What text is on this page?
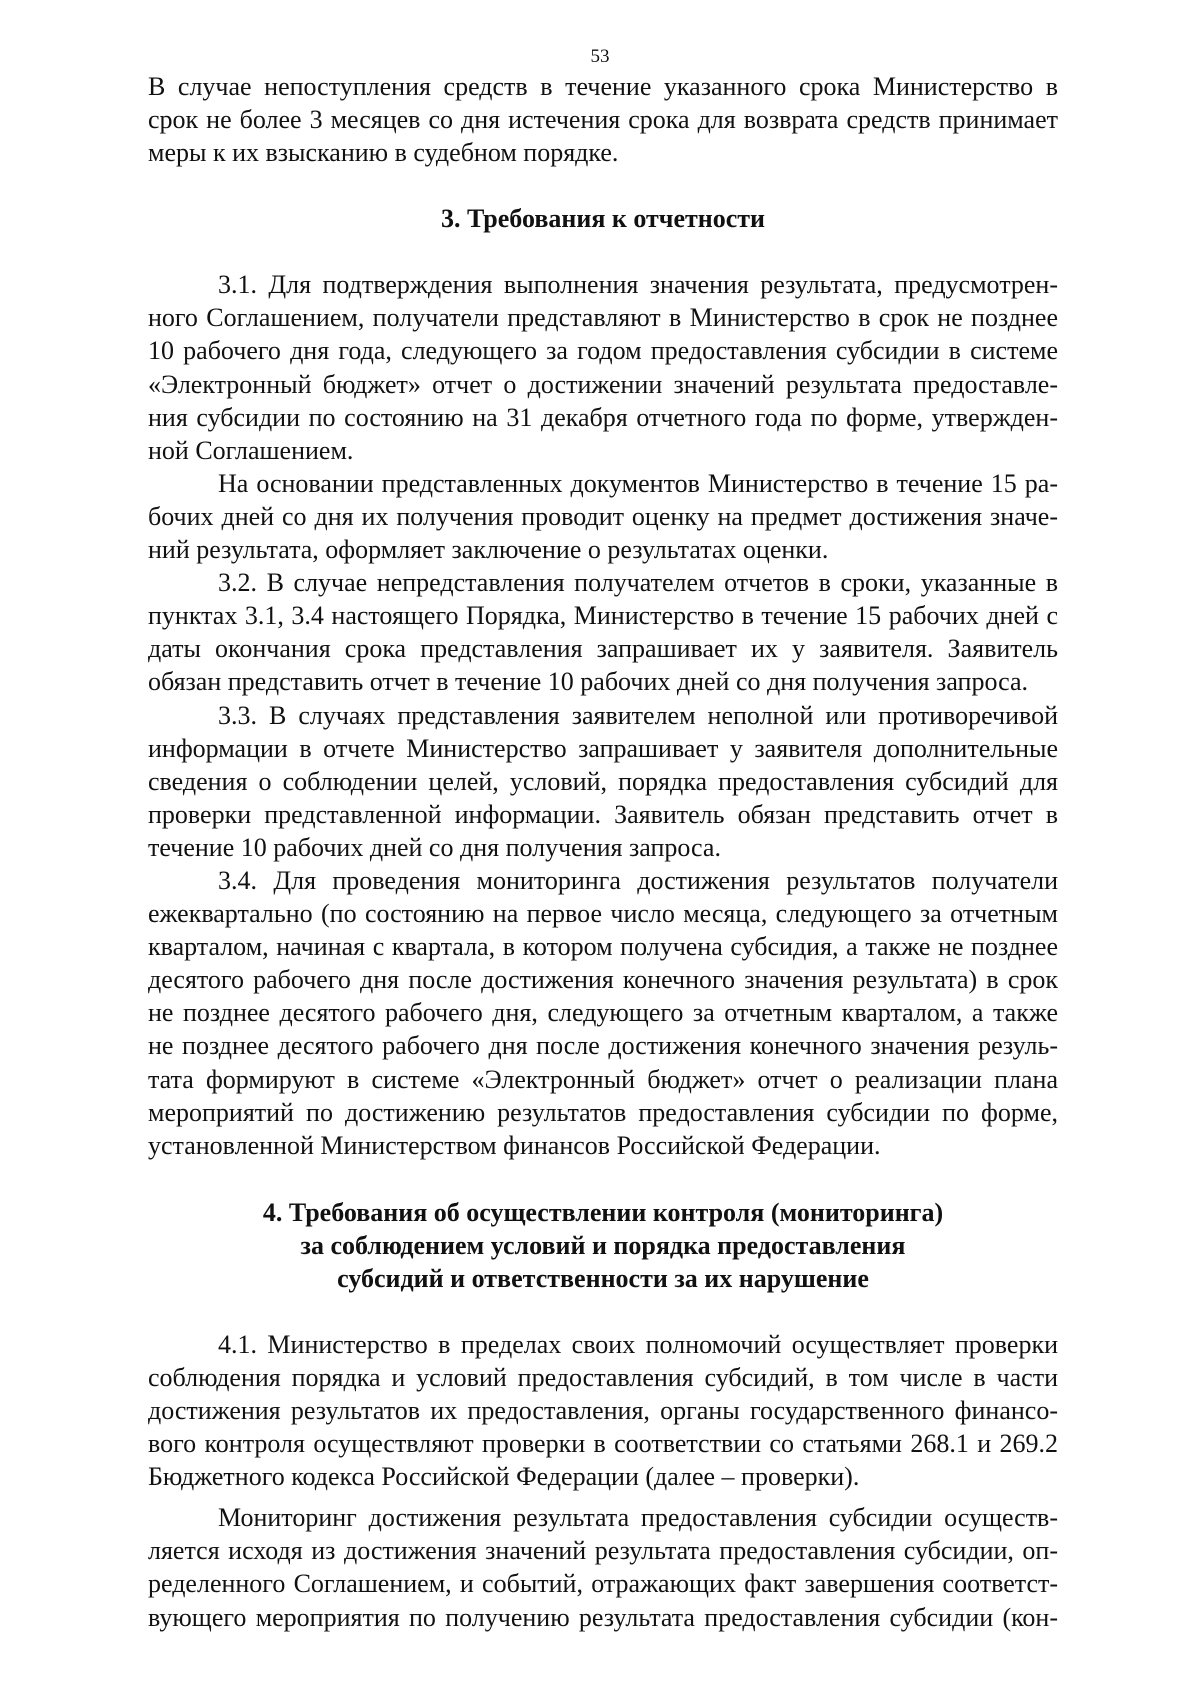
53

В случае непоступления средств в течение указанного срока Министерство в срок не более 3 месяцев со дня истечения срока для возврата средств принимает меры к их взысканию в судебном порядке.

3. Требования к отчетности

3.1. Для подтверждения выполнения значения результата, предусмотрен-ного Соглашением, получатели представляют в Министерство в срок не позднее 10 рабочего дня года, следующего за годом предоставления субсидии в системе «Электронный бюджет» отчет о достижении значений результата предоставле-ния субсидии по состоянию на 31 декабря отчетного года по форме, утвержден-ной Соглашением.

На основании представленных документов Министерство в течение 15 ра-бочих дней со дня их получения проводит оценку на предмет достижения значе-ний результата, оформляет заключение о результатах оценки.

3.2. В случае непредставления получателем отчетов в сроки, указанные в пунктах 3.1, 3.4 настоящего Порядка, Министерство в течение 15 рабочих дней с даты окончания срока представления запрашивает их у заявителя. Заявитель обязан представить отчет в течение 10 рабочих дней со дня получения запроса.

3.3. В случаях представления заявителем неполной или противоречивой информации в отчете Министерство запрашивает у заявителя дополнительные сведения о соблюдении целей, условий, порядка предоставления субсидий для проверки представленной информации. Заявитель обязан представить отчет в течение 10 рабочих дней со дня получения запроса.

3.4. Для проведения мониторинга достижения результатов получатели ежеквартально (по состоянию на первое число месяца, следующего за отчетным кварталом, начиная с квартала, в котором получена субсидия, а также не позднее десятого рабочего дня после достижения конечного значения результата) в срок не позднее десятого рабочего дня, следующего за отчетным кварталом, а также не позднее десятого рабочего дня после достижения конечного значения резуль-тата формируют в системе «Электронный бюджет» отчет о реализации плана мероприятий по достижению результатов предоставления субсидии по форме, установленной Министерством финансов Российской Федерации.

4. Требования об осуществлении контроля (мониторинга)
за соблюдением условий и порядка предоставления
субсидий и ответственности за их нарушение

4.1. Министерство в пределах своих полномочий осуществляет проверки соблюдения порядка и условий предоставления субсидий, в том числе в части достижения результатов их предоставления, органы государственного финансо-вого контроля осуществляют проверки в соответствии со статьями 268.1 и 269.2 Бюджетного кодекса Российской Федерации (далее – проверки).

Мониторинг достижения результата предоставления субсидии осуществ-ляется исходя из достижения значений результата предоставления субсидии, оп-ределенного Соглашением, и событий, отражающих факт завершения соответст-вующего мероприятия по получению результата предоставления субсидии (кон-
